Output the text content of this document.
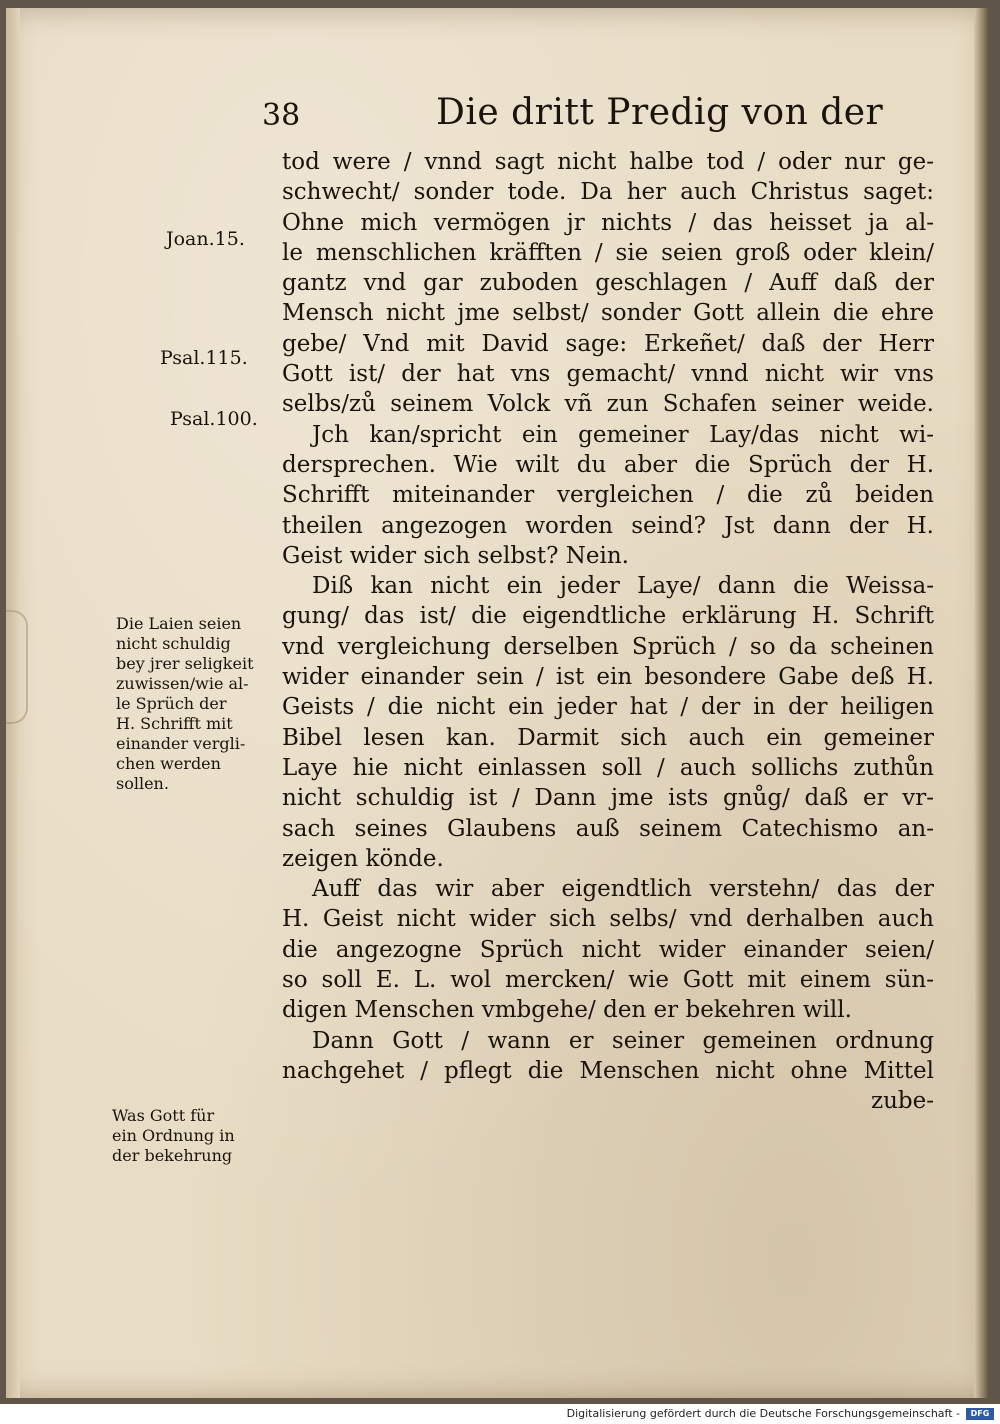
38	Die dritt Predig von der
tod were / vnnd sagt nicht halbe tod / oder nur ge-
schwecht/ sonder tode. Da her auch Christus saget:
Ohne mich vermögen jr nichts / das heisset ja al-
le menschlichen kräfften / sie seien groß oder klein/
gantz vnd gar zuboden geschlagen / Auff daß der
Mensch nicht jme selbst/ sonder Gott allein die ehre
gebe/ Vnd mit David sage: Erkeñet/ daß der Herr
Gott ist/ der hat vns gemacht/ vnnd nicht wir vns
selbs/zů seinem Volck vñ zun Schafen seiner weide.
Jch kan/spricht ein gemeiner Lay/das nicht wi-
dersprechen. Wie wilt du aber die Sprüch der H.
Schrifft miteinander vergleichen / die zů beiden
theilen angezogen worden seind? Jst dann der H.
Geist wider sich selbst? Nein.
Diß kan nicht ein jeder Laye/ dann die Weissa-
gung/ das ist/ die eigendtliche erklärung H. Schrift
vnd vergleichung derselben Sprüch / so da scheinen
wider einander sein / ist ein besondere Gabe deß H.
Geists / die nicht ein jeder hat / der in der heiligen
Bibel lesen kan. Darmit sich auch ein gemeiner
Laye hie nicht einlassen soll / auch sollichs zuthůn
nicht schuldig ist / Dann jme ists gnůg/ daß er vr-
sach seines Glaubens auß seinem Catechismo an-
zeigen könde.
Auff das wir aber eigendtlich verstehn/ das der
H. Geist nicht wider sich selbs/ vnd derhalben auch
die angezogne Sprüch nicht wider einander seien/
so soll E. L. wol mercken/ wie Gott mit einem sün-
digen Menschen vmbgehe/ den er bekehren will.
Dann Gott / wann er seiner gemeinen ordnung
nachgehet / pflegt die Menschen nicht ohne Mittel
zube-
Joan.15.
Psal.115.
Psal.100.
Die Laien seien
nicht schuldig
bey jrer seligkeit
zuwissen/wie al-
le Sprüch der
H. Schrifft mit
einander vergli-
chen werden
sollen.
Was Gott für
ein Ordnung in
der bekehrung
Digitalisierung gefördert durch die Deutsche Forschungsgemeinschaft -	DFG
